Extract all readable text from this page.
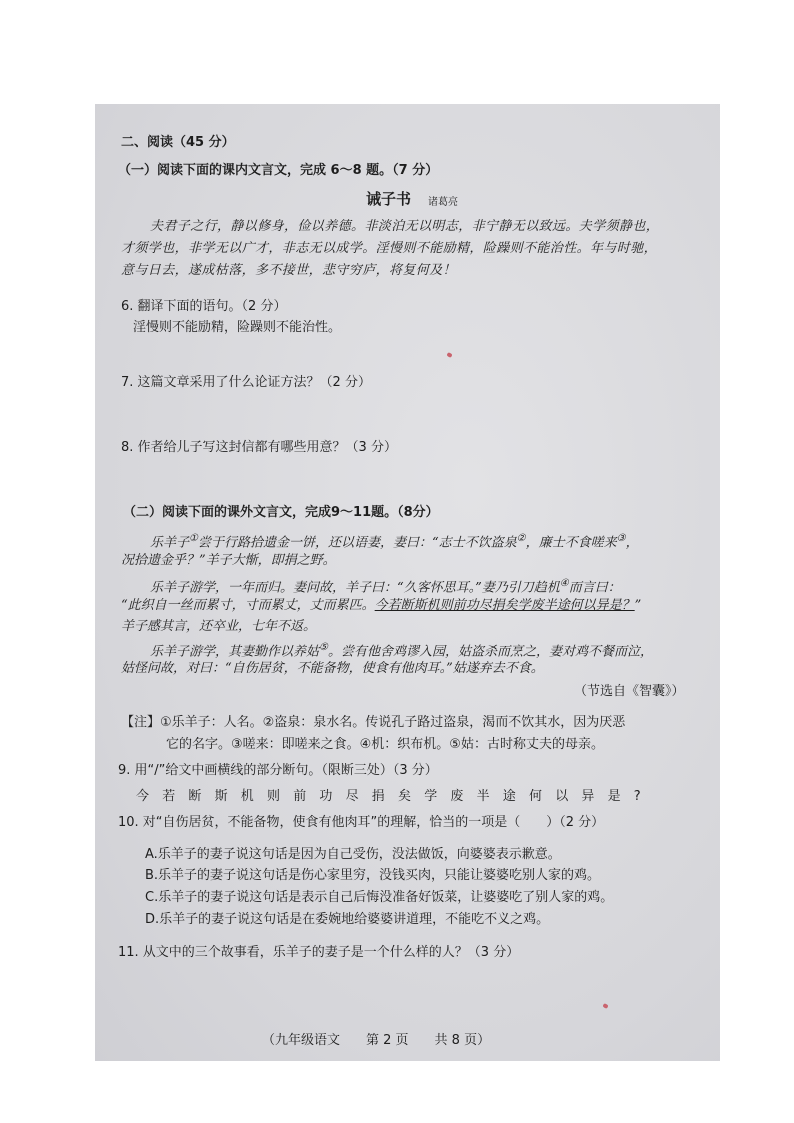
二、阅读（45 分）
（一）阅读下面的课内文言文，完成 6～8 题。（7 分）
诫子书 诸葛亮
夫君子之行，静以修身，俭以养德。非淡泊无以明志，非宁静无以致远。夫学须静也，
才须学也，非学无以广才，非志无以成学。淫慢则不能励精，险躁则不能治性。年与时驰，
意与日去，遂成枯落，多不接世，悲守穷庐，将复何及！
6. 翻译下面的语句。（2 分）
淫慢则不能励精，险躁则不能治性。
7. 这篇文章采用了什么论证方法？（2 分）
8. 作者给儿子写这封信都有哪些用意？（3 分）
（二）阅读下面的课外文言文，完成9～11题。（8分）
乐羊子①尝于行路拾遗金一饼，还以语妻，妻曰：“志士不饮盗泉②，廉士不食嗟来③，
况拾遗金乎？”羊子大惭，即捐之野。
乐羊子游学，一年而归。妻问故，羊子曰：“久客怀思耳。”妻乃引刀趋机④而言曰：
“此织自一丝而累寸，寸而累丈，丈而累匹。今若断斯机则前功尽捐矣学废半途何以异是？”
羊子感其言，还卒业，七年不返。
乐羊子游学，其妻勤作以养姑⑤。尝有他舍鸡谬入园，姑盗杀而烹之，妻对鸡不餐而泣，
姑怪问故，对曰：“自伤居贫，不能备物，使食有他肉耳。”姑遂弃去不食。
（节选自《智囊》）
【注】①乐羊子：人名。②盗泉：泉水名。传说孔子路过盗泉，渴而不饮其水，因为厌恶
它的名字。③嗟来：即嗟来之食。④机：织布机。⑤姑：古时称丈夫的母亲。
9. 用“/”给文中画横线的部分断句。（限断三处）（3 分）
今若断斯机则前功尽捐矣学废半途何以异是?
10. 对“自伤居贫，不能备物，使食有他肉耳”的理解，恰当的一项是（　　）（2 分）
A.乐羊子的妻子说这句话是因为自己受伤，没法做饭，向婆婆表示歉意。
B.乐羊子的妻子说这句话是伤心家里穷，没钱买肉，只能让婆婆吃别人家的鸡。
C.乐羊子的妻子说这句话是表示自己后悔没准备好饭菜，让婆婆吃了别人家的鸡。
D.乐羊子的妻子说这句话是在委婉地给婆婆讲道理，不能吃不义之鸡。
11. 从文中的三个故事看，乐羊子的妻子是一个什么样的人？（3 分）
（九年级语文　　第 2 页　　共 8 页）
